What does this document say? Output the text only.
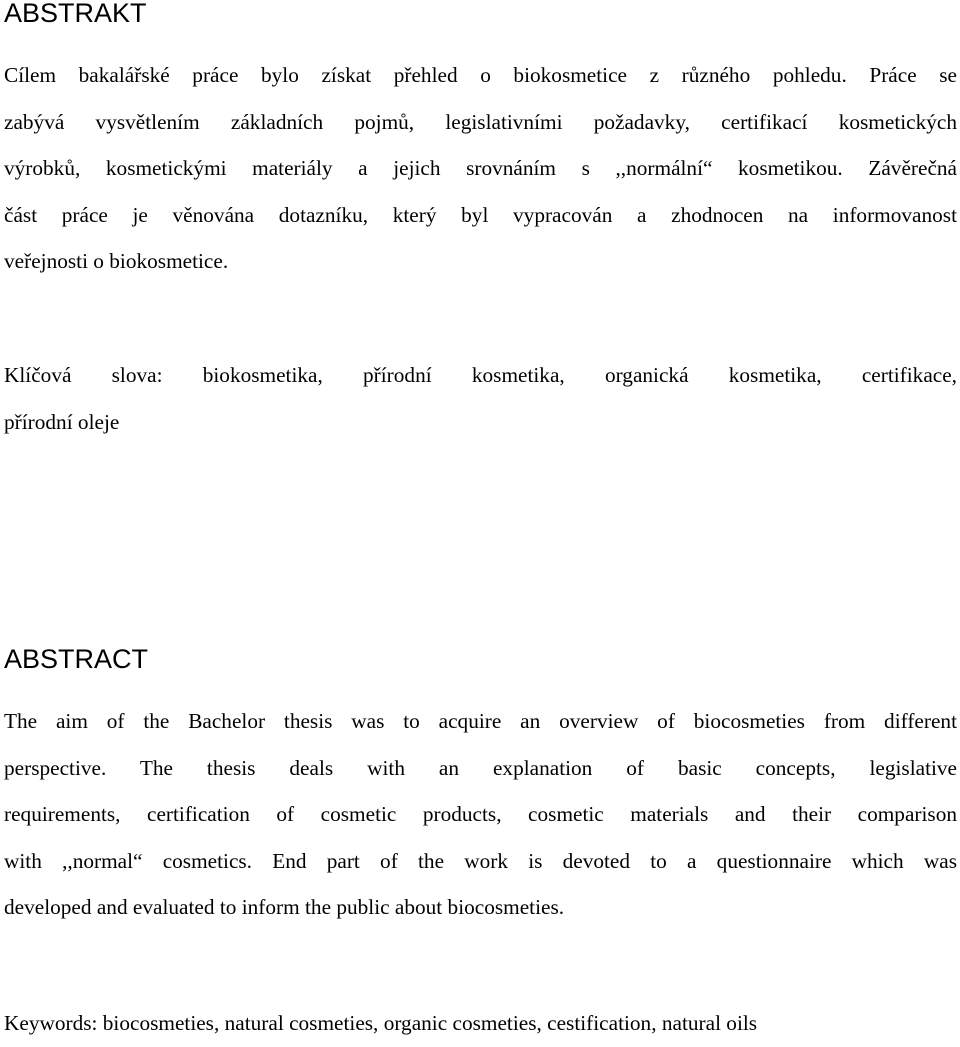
ABSTRAKT
Cílem bakalářské práce bylo získat přehled o biokosmetice z různého pohledu. Práce se
zabývá vysvětlením základních pojmů, legislativními požadavky, certifikací kosmetických
výrobků, kosmetickými materiály a jejich srovnáním s ,,normální“ kosmetikou. Závěrečná
část práce je věnována dotazníku, který byl vypracován a zhodnocen na informovanost
veřejnosti o biokosmetice.
Klíčová slova: biokosmetika, přírodní kosmetika, organická kosmetika, certifikace,
přírodní oleje
ABSTRACT
The aim of the Bachelor thesis was to acquire an overview of biocosmeties from different
perspective. The thesis deals with an explanation of basic concepts, legislative
requirements, certification of cosmetic products, cosmetic materials and their comparison
with ,,normal“ cosmetics. End part of the work is devoted to a questionnaire which was
developed and evaluated to inform the public about biocosmeties.
Keywords: biocosmeties, natural cosmeties, organic cosmeties, cestification, natural oils
